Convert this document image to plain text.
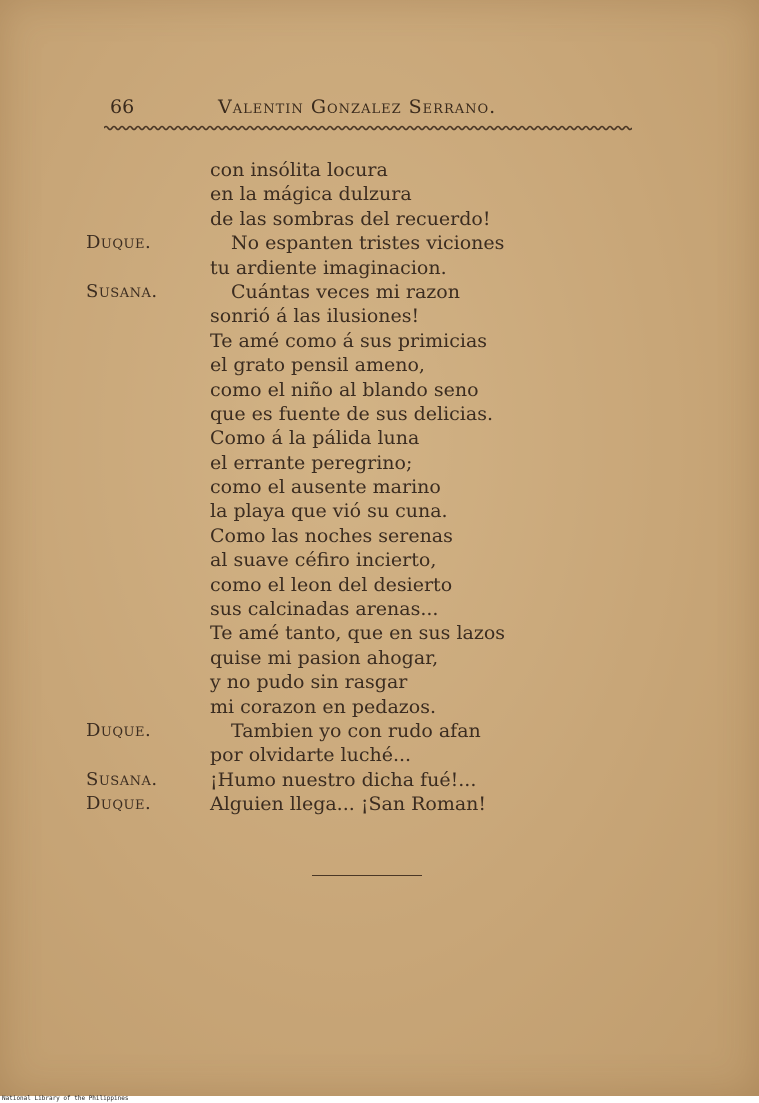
66	Valentin Gonzalez Serrano.
con insólita locura
en la mágica dulzura
de las sombras del recuerdo!
Duque.	No espanten tristes viciones
tu ardiente imaginacion.
Susana.	Cuántas veces mi razon
sonrió á las ilusiones!
Te amé como á sus primicias
el grato pensil ameno,
como el niño al blando seno
que es fuente de sus delicias.
Como á la pálida luna
el errante peregrino;
como el ausente marino
la playa que vió su cuna.
Como las noches serenas
al suave céfiro incierto,
como el leon del desierto
sus calcinadas arenas...
Te amé tanto, que en sus lazos
quise mi pasion ahogar,
y no pudo sin rasgar
mi corazon en pedazos.
Duque.	Tambien yo con rudo afan
por olvidarte luché...
Susana.	¡Humo nuestro dicha fué!...
Duque.	Alguien llega... ¡San Roman!
National Library of the Philippines
